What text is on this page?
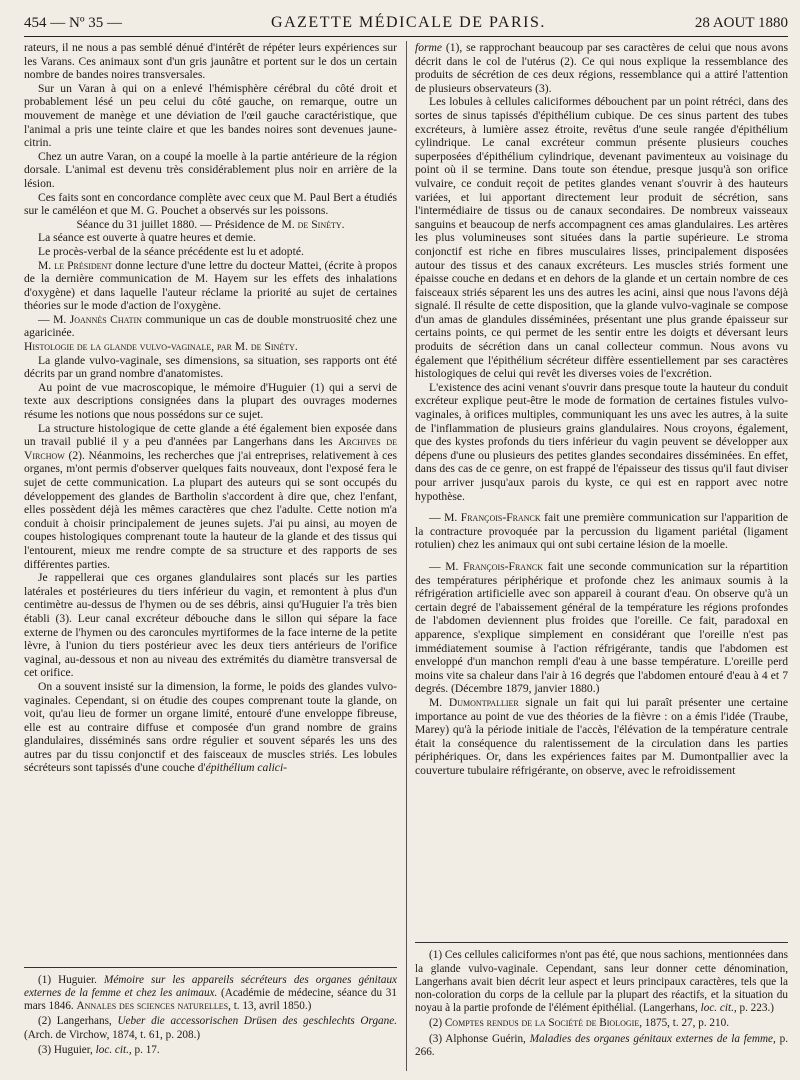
454 — Nº 35 —	GAZETTE MÉDICALE DE PARIS.	28 AOUT 1880

rateurs, il ne nous a pas semblé dénué d'intérêt de répéter leurs expériences sur les Varans. Ces animaux sont d'un gris jaunâtre et portent sur le dos un certain nombre de bandes noires transversales.

Sur un Varan à qui on a enlevé l'hémisphère cérébral du côté droit et probablement lésé un peu celui du côté gauche, on remarque, outre un mouvement de manège et une déviation de l'œil gauche caractéristique, que l'animal a pris une teinte claire et que les bandes noires sont devenues jaune-citrin.

Chez un autre Varan, on a coupé la moelle à la partie antérieure de la région dorsale. L'animal est devenu très considérablement plus noir en arrière de la lésion.

Ces faits sont en concordance complète avec ceux que M. Paul Bert a étudiés sur le caméléon et que M. G. Pouchet a observés sur les poissons.

Séance du 31 juillet 1880. — Présidence de M. de Sinéty.

La séance est ouverte à quatre heures et demie.

Le procès-verbal de la séance précédente est lu et adopté.

M. le Président donne lecture d'une lettre du docteur Mattei, (écrite à propos de la dernière communication de M. Hayem sur les effets des inhalations d'oxygène) et dans laquelle l'auteur réclame la priorité au sujet de certaines théories sur le mode d'action de l'oxygène.

— M. Joannès Chatin communique un cas de double monstruosité chez une agaricinée.

Histologie de la glande vulvo-vaginale, par M. de Sinéty.

La glande vulvo-vaginale, ses dimensions, sa situation, ses rapports ont été décrits par un grand nombre d'anatomistes.

Au point de vue macroscopique, le mémoire d'Huguier (1) qui a servi de texte aux descriptions consignées dans la plupart des ouvrages modernes résume les notions que nous possédons sur ce sujet.

La structure histologique de cette glande a été également bien exposée dans un travail publié il y a peu d'années par Langerhans dans les Archives de Virchow (2). Néanmoins, les recherches que j'ai entreprises, relativement à ces organes, m'ont permis d'observer quelques faits nouveaux, dont l'exposé fera le sujet de cette communication. La plupart des auteurs qui se sont occupés du développement des glandes de Bartholin s'accordent à dire que, chez l'enfant, elles possèdent déjà les mêmes caractères que chez l'adulte. Cette notion m'a conduit à choisir principalement de jeunes sujets. J'ai pu ainsi, au moyen de coupes histologiques comprenant toute la hauteur de la glande et des tissus qui l'entourent, mieux me rendre compte de sa structure et des rapports de ses différentes parties.

Je rappellerai que ces organes glandulaires sont placés sur les parties latérales et postérieures du tiers inférieur du vagin, et remontent à plus d'un centimètre au-dessus de l'hymen ou de ses débris, ainsi qu'Huguier l'a très bien établi (3). Leur canal excréteur débouche dans le sillon qui sépare la face externe de l'hymen ou des caroncules myrtiformes de la face interne de la petite lèvre, à l'union du tiers postérieur avec les deux tiers antérieurs de l'orifice vaginal, au-dessous et non au niveau des extrémités du diamètre transversal de cet orifice.

On a souvent insisté sur la dimension, la forme, le poids des glandes vulvo-vaginales. Cependant, si on étudie des coupes comprenant toute la glande, on voit, qu'au lieu de former un organe limité, entouré d'une enveloppe fibreuse, elle est au contraire diffuse et composée d'un grand nombre de grains glandulaires, disséminés sans ordre régulier et souvent séparés les uns des autres par du tissu conjonctif et des faisceaux de muscles striés. Les lobules sécréteurs sont tapissés d'une couche d'épithélium calici-

(1) Huguier. Mémoire sur les appareils sécréteurs des organes génitaux externes de la femme et chez les animaux. (Académie de médecine, séance du 31 mars 1846. Annales des sciences naturelles, t. 13, avril 1850.)

(2) Langerhans, Ueber die accessorischen Drüsen des geschlechts Organe. (Arch. de Virchow, 1874, t. 61, p. 208.)

(3) Huguier, loc. cit., p. 17.

forme (1), se rapprochant beaucoup par ses caractères de celui que nous avons décrit dans le col de l'utérus (2). Ce qui nous explique la ressemblance des produits de sécrétion de ces deux régions, ressemblance qui a attiré l'attention de plusieurs observateurs (3).

Les lobules à cellules caliciformes débouchent par un point rétréci, dans des sortes de sinus tapissés d'épithélium cubique. De ces sinus partent des tubes excréteurs, à lumière assez étroite, revêtus d'une seule rangée d'épithélium cylindrique. Le canal excréteur commun présente plusieurs couches superposées d'épithélium cylindrique, devenant pavimenteux au voisinage du point où il se termine. Dans toute son étendue, presque jusqu'à son orifice vulvaire, ce conduit reçoit de petites glandes venant s'ouvrir à des hauteurs variées, et lui apportant directement leur produit de sécrétion, sans l'intermédiaire de tissus ou de canaux secondaires. De nombreux vaisseaux sanguins et beaucoup de nerfs accompagnent ces amas glandulaires. Les artères les plus volumineuses sont situées dans la partie supérieure. Le stroma conjonctif est riche en fibres musculaires lisses, principalement disposées autour des tissus et des canaux excréteurs. Les muscles striés forment une épaisse couche en dedans et en dehors de la glande et un certain nombre de ces faisceaux striés séparent les uns des autres les acini, ainsi que nous l'avons déjà signalé. Il résulte de cette disposition, que la glande vulvo-vaginale se compose d'un amas de glandules disséminées, présentant une plus grande épaisseur sur certains points, ce qui permet de les sentir entre les doigts et déversant leurs produits de sécrétion dans un canal collecteur commun. Nous avons vu également que l'épithélium sécréteur diffère essentiellement par ses caractères histologiques de celui qui revêt les diverses voies de l'excrétion.

L'existence des acini venant s'ouvrir dans presque toute la hauteur du conduit excréteur explique peut-être le mode de formation de certaines fistules vulvo-vaginales, à orifices multiples, communiquant les uns avec les autres, à la suite de l'inflammation de plusieurs grains glandulaires. Nous croyons, également, que des kystes profonds du tiers inférieur du vagin peuvent se développer aux dépens d'une ou plusieurs des petites glandes secondaires disséminées. En effet, dans des cas de ce genre, on est frappé de l'épaisseur des tissus qu'il faut diviser pour arriver jusqu'aux parois du kyste, ce qui est en rapport avec notre hypothèse.

— M. François-Franck fait une première communication sur l'apparition de la contracture provoquée par la percussion du ligament pariétal (ligament rotulien) chez les animaux qui ont subi certaine lésion de la moelle.

— M. François-Franck fait une seconde communication sur la répartition des températures périphérique et profonde chez les animaux soumis à la réfrigération artificielle avec son appareil à courant d'eau. On observe qu'à un certain degré de l'abaissement général de la température les régions profondes de l'abdomen deviennent plus froides que l'oreille. Ce fait, paradoxal en apparence, s'explique simplement en considérant que l'oreille n'est pas immédiatement soumise à l'action réfrigérante, tandis que l'abdomen est enveloppé d'un manchon rempli d'eau à une basse température. L'oreille perd moins vite sa chaleur dans l'air à 16 degrés que l'abdomen entouré d'eau à 4 et 7 degrés. (Décembre 1879, janvier 1880.)

M. Dumontpallier signale un fait qui lui paraît présenter une certaine importance au point de vue des théories de la fièvre : on a émis l'idée (Traube, Marey) qu'à la période initiale de l'accès, l'élévation de la température centrale était la conséquence du ralentissement de la circulation dans les parties périphériques. Or, dans les expériences faites par M. Dumontpallier avec la couverture tubulaire réfrigérante, on observe, avec le refroidissement

(1) Ces cellules caliciformes n'ont pas été, que nous sachions, mentionnées dans la glande vulvo-vaginale. Cependant, sans leur donner cette dénomination, Langerhans avait bien décrit leur aspect et leurs principaux caractères, tels que la non-coloration du corps de la cellule par la plupart des réactifs, et la situation du noyau à la partie profonde de l'élément épithélial. (Langerhans, loc. cit., p. 223.)

(2) Comptes rendus de la Société de Biologie, 1875, t. 27, p. 210.

(3) Alphonse Guérin, Maladies des organes génitaux externes de la femme, p. 266.
